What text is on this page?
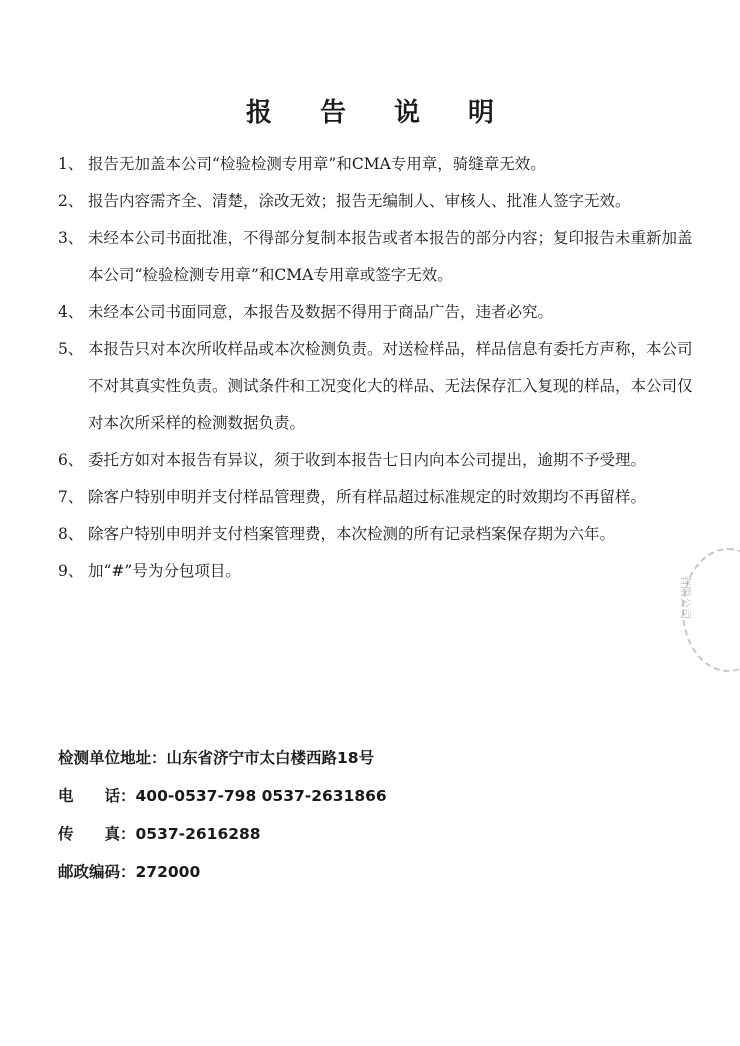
报告说明
1、 报告无加盖本公司“检验检测专用章”和CMA专用章，骑缝章无效。
2、 报告内容需齐全、清楚，涂改无效；报告无编制人、审核人、批准人签字无效。
3、 未经本公司书面批准，不得部分复制本报告或者本报告的部分内容；复印报告未重新加盖本公司“检验检测专用章”和CMA专用章或签字无效。
4、 未经本公司书面同意，本报告及数据不得用于商品广告，违者必究。
5、 本报告只对本次所收样品或本次检测负责。对送检样品，样品信息有委托方声称，本公司不对其真实性负责。测试条件和工况变化大的样品、无法保存汇入复现的样品，本公司仅对本次所采样的检测数据负责。
6、 委托方如对本报告有异议，须于收到本报告七日内向本公司提出，逾期不予受理。
7、 除客户特别申明并支付样品管理费，所有样品超过标准规定的时效期均不再留样。
8、 除客户特别申明并支付档案管理费，本次检测的所有记录档案保存期为六年。
9、 加“#”号为分包项目。
检测单位地址：山东省济宁市太白楼西路18号
电　　话：400-0537-798 0537-2631866
传　　真：0537-2616288
邮政编码：272000
有限公司
